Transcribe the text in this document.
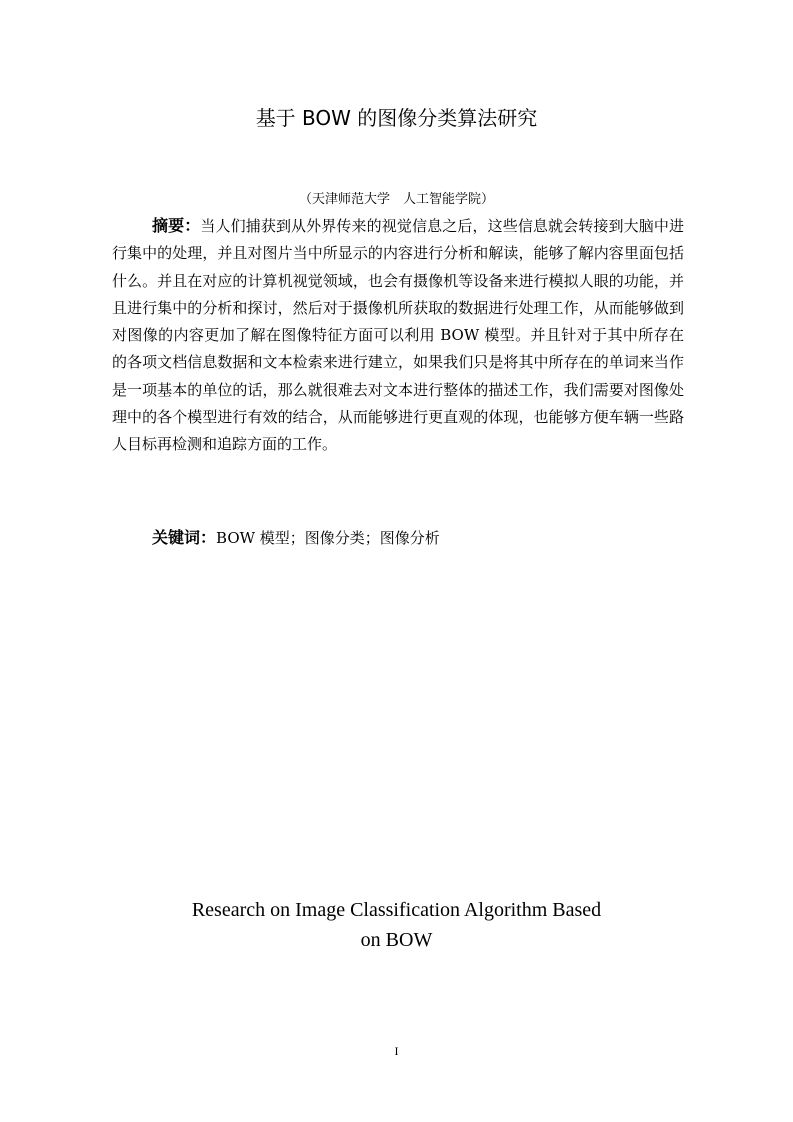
基于 BOW 的图像分类算法研究
（天津师范大学　人工智能学院）

摘要：当人们捕获到从外界传来的视觉信息之后，这些信息就会转接到大脑中进行集中的处理，并且对图片当中所显示的内容进行分析和解读，能够了解内容里面包括什么。并且在对应的计算机视觉领域，也会有摄像机等设备来进行模拟人眼的功能，并且进行集中的分析和探讨，然后对于摄像机所获取的数据进行处理工作，从而能够做到对图像的内容更加了解在图像特征方面可以利用 BOW 模型。并且针对于其中所存在的各项文档信息数据和文本检索来进行建立，如果我们只是将其中所存在的单词来当作是一项基本的单位的话，那么就很难去对文本进行整体的描述工作，我们需要对图像处理中的各个模型进行有效的结合，从而能够进行更直观的体现，也能够方便车辆一些路人目标再检测和追踪方面的工作。

关键词：BOW 模型；图像分类；图像分析

Research on Image Classification Algorithm Based
on BOW
I
